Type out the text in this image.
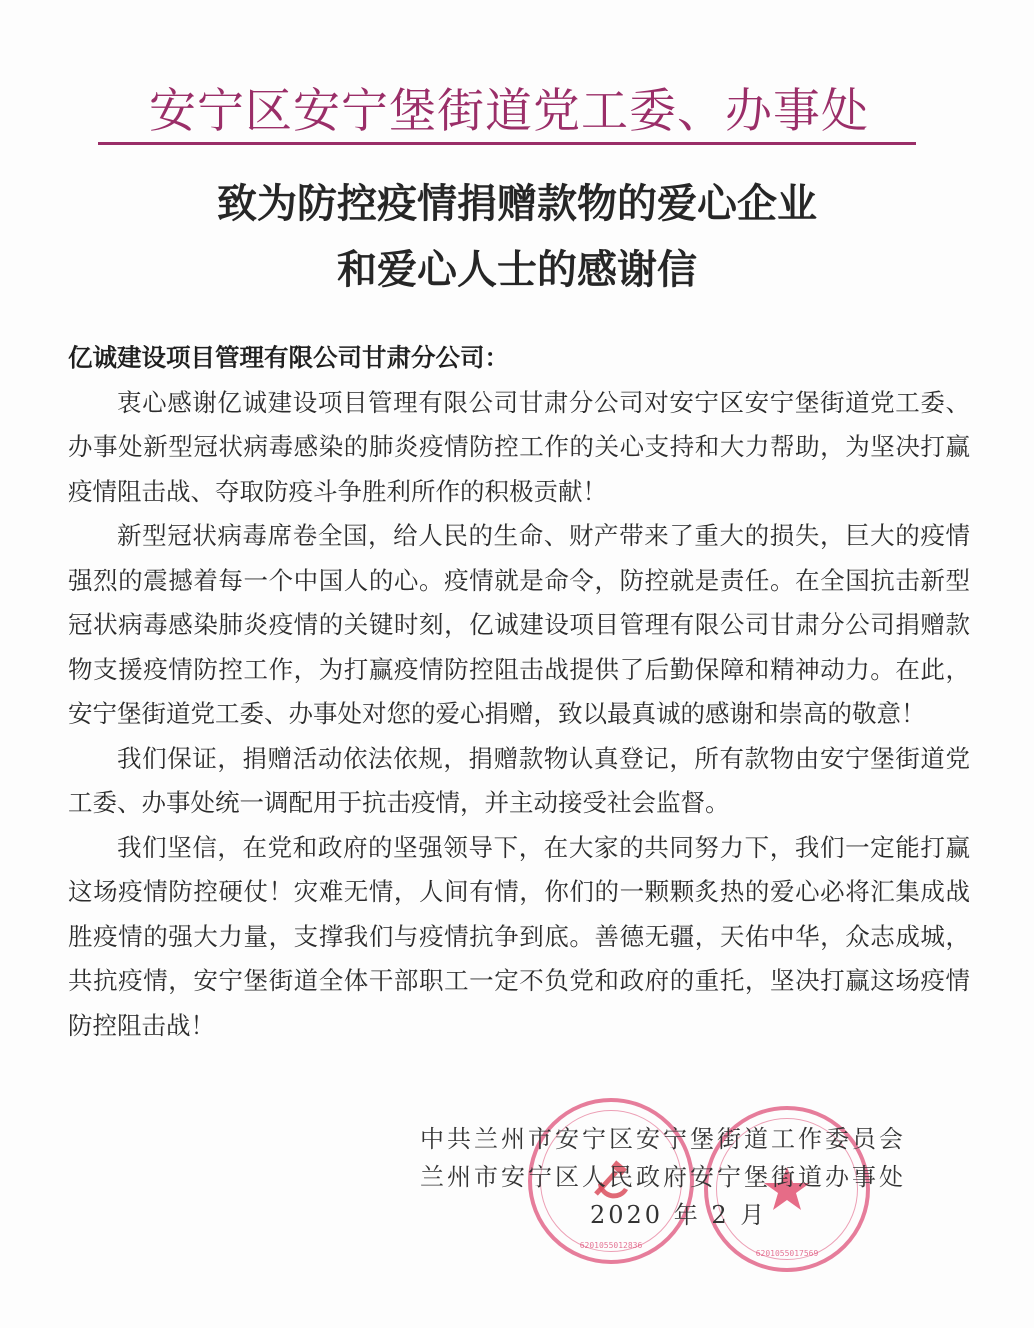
安宁区安宁堡街道党工委、办事处
致为防控疫情捐赠款物的爱心企业
和爱心人士的感谢信
亿诚建设项目管理有限公司甘肃分公司：

衷心感谢亿诚建设项目管理有限公司甘肃分公司对安宁区安宁堡街道党工委、办事处新型冠状病毒感染的肺炎疫情防控工作的关心支持和大力帮助，为坚决打赢疫情阻击战、夺取防疫斗争胜利所作的积极贡献！

新型冠状病毒席卷全国，给人民的生命、财产带来了重大的损失，巨大的疫情强烈的震撼着每一个中国人的心。疫情就是命令，防控就是责任。在全国抗击新型冠状病毒感染肺炎疫情的关键时刻，亿诚建设项目管理有限公司甘肃分公司捐赠款物支援疫情防控工作，为打赢疫情防控阻击战提供了后勤保障和精神动力。在此，安宁堡街道党工委、办事处对您的爱心捐赠，致以最真诚的感谢和崇高的敬意！

我们保证，捐赠活动依法依规，捐赠款物认真登记，所有款物由安宁堡街道党工委、办事处统一调配用于抗击疫情，并主动接受社会监督。

我们坚信，在党和政府的坚强领导下，在大家的共同努力下，我们一定能打赢这场疫情防控硬仗！灾难无情，人间有情，你们的一颗颗炙热的爱心必将汇集成战胜疫情的强大力量，支撑我们与疫情抗争到底。善德无疆，天佑中华，众志成城，共抗疫情，安宁堡街道全体干部职工一定不负党和政府的重托，坚决打赢这场疫情防控阻击战！

6201055012836
6201055017569
中共兰州市安宁区安宁堡街道工作委员会
兰州市安宁区人民政府安宁堡街道办事处
2020 年 2 月
